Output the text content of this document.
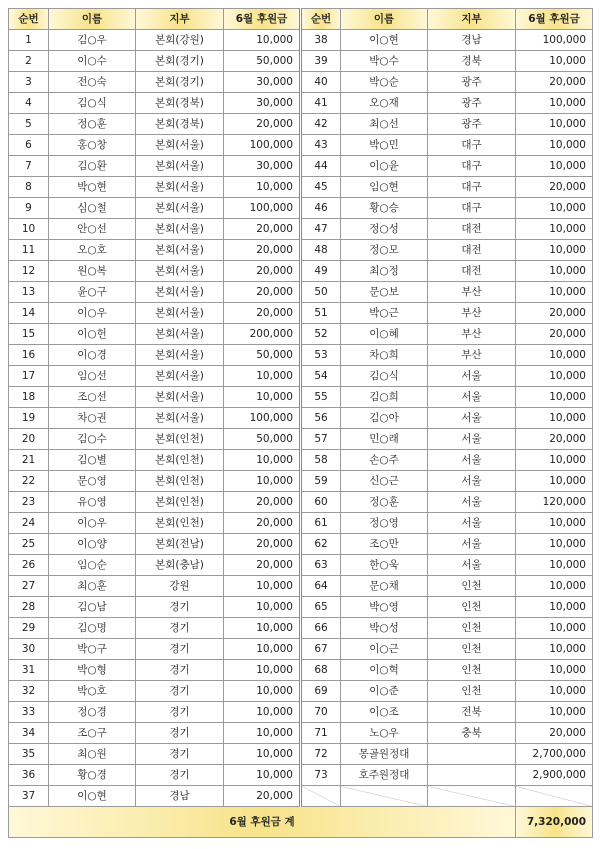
순번	이름	지부	6월 후원금	순번	이름	지부	6월 후원금
1	김○우	본회(강원)	10,000	38	이○현	경남	100,000
2	이○수	본회(경기)	50,000	39	박○수	경북	10,000
3	전○숙	본회(경기)	30,000	40	박○순	광주	20,000
4	김○식	본회(경북)	30,000	41	오○재	광주	10,000
5	정○훈	본회(경북)	20,000	42	최○선	광주	10,000
6	홍○창	본회(서울)	100,000	43	박○민	대구	10,000
7	김○환	본회(서울)	30,000	44	이○윤	대구	10,000
8	박○현	본회(서울)	10,000	45	임○현	대구	20,000
9	심○철	본회(서울)	100,000	46	황○승	대구	10,000
10	안○선	본회(서울)	20,000	47	정○성	대전	10,000
11	오○호	본회(서울)	20,000	48	정○모	대전	10,000
12	원○복	본회(서울)	20,000	49	최○정	대전	10,000
13	윤○구	본회(서울)	20,000	50	문○보	부산	10,000
14	이○우	본회(서울)	20,000	51	박○근	부산	20,000
15	이○헌	본회(서울)	200,000	52	이○혜	부산	20,000
16	이○경	본회(서울)	50,000	53	차○희	부산	10,000
17	임○선	본회(서울)	10,000	54	김○식	서울	10,000
18	조○선	본회(서울)	10,000	55	김○희	서울	10,000
19	차○권	본회(서울)	100,000	56	김○아	서울	10,000
20	김○수	본회(인천)	50,000	57	민○래	서울	20,000
21	김○별	본회(인천)	10,000	58	손○주	서울	10,000
22	문○영	본회(인천)	10,000	59	신○근	서울	10,000
23	유○영	본회(인천)	20,000	60	정○훈	서울	120,000
24	이○우	본회(인천)	20,000	61	정○영	서울	10,000
25	이○양	본회(전남)	20,000	62	조○만	서울	10,000
26	임○순	본회(충남)	20,000	63	한○욱	서울	10,000
27	최○훈	강원	10,000	64	문○채	인천	10,000
28	김○남	경기	10,000	65	박○영	인천	10,000
29	김○명	경기	10,000	66	박○성	인천	10,000
30	박○구	경기	10,000	67	이○근	인천	10,000
31	박○형	경기	10,000	68	이○혁	인천	10,000
32	박○호	경기	10,000	69	이○준	인천	10,000
33	정○경	경기	10,000	70	이○조	전북	10,000
34	조○구	경기	10,000	71	노○우	충북	20,000
35	최○원	경기	10,000	72	몽골원정대		2,700,000
36	황○경	경기	10,000	73	호주원정대		2,900,000
37	이○현	경남	20,000				
6월 후원금 계							7,320,000
